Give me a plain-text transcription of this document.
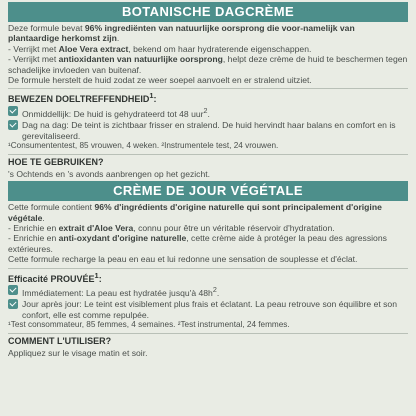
BOTANISCHE DAGCRÈME

Deze formule bevat 96% ingrediënten van natuurlijke oorsprong die voor-namelijk van plantaardige herkomst zijn.

- Verrijkt met Aloe Vera extract, bekend om haar hydraterende eigenschappen.

- Verrijkt met antioxidanten van natuurlijke oorsprong, helpt deze crème de huid te beschermen tegen schadelijke invloeden van buitenaf.

De formule herstelt de huid zodat ze weer soepel aanvoelt en er stralend uitziet.

BEWEZEN DOELTREFFENDHEID$^1$:
Onmiddellijk: De huid is gehydrateerd tot 48 uur$^2$.
Dag na dag: De teint is zichtbaar frisser en stralend. De huid hervindt haar balans en comfort en is gerevitaliseerd.
¹Consumententest, 85 vrouwen, 4 weken. ²Instrumentele test, 24 vrouwen.
HOE TE GEBRUIKEN?
's Ochtends en 's avonds aanbrengen op het gezicht.
CRÈME DE JOUR VÉGÉTALE

Cette formule contient 96% d'ingrédients d'origine naturelle qui sont principalement d'origine végétale.

- Enrichie en extrait d'Aloe Vera, connu pour être un véritable réservoir d'hydratation.

- Enrichie en anti-oxydant d'origine naturelle, cette crème aide à protéger la peau des agressions extérieures.

Cette formule recharge la peau en eau et lui redonne une sensation de souplesse et d'éclat.

Efficacité PROUVÉE$^1$:
Immédiatement: La peau est hydratée jusqu'à $48h^2$.
Jour après jour: Le teint est visiblement plus frais et éclatant. La peau retrouve son équilibre et son confort, elle est comme repulpée.
¹Test consommateur, 85 femmes, 4 semaines. ²Test instrumental, 24 femmes.
COMMENT L'UTILISER?
Appliquez sur le visage matin et soir.
